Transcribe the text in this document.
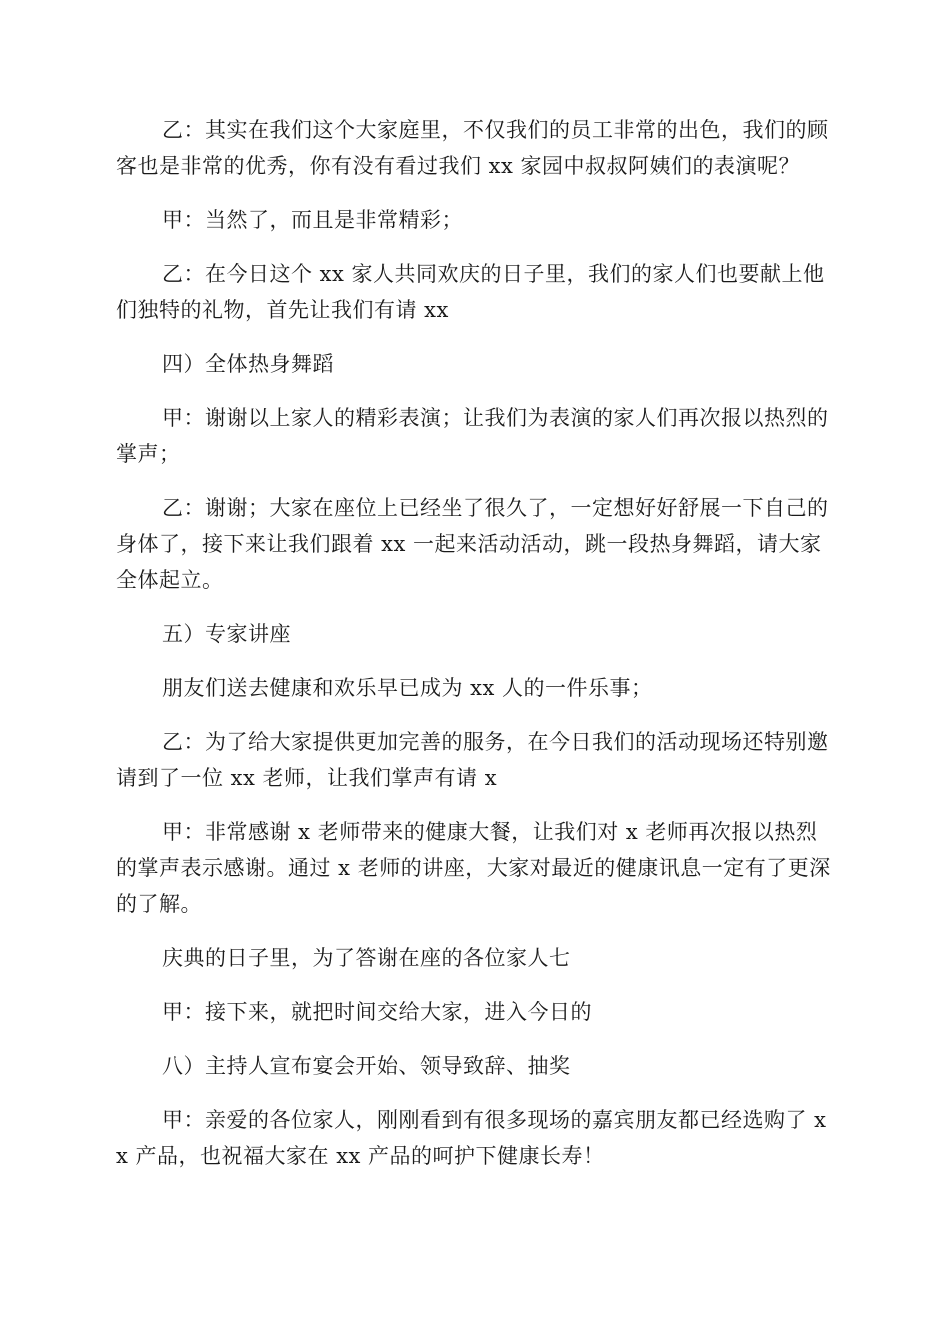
乙：其实在我们这个大家庭里，不仅我们的员工非常的出色，我们的顾客也是非常的优秀，你有没有看过我们 xx 家园中叔叔阿姨们的表演呢？

甲：当然了，而且是非常精彩；

乙：在今日这个 xx 家人共同欢庆的日子里，我们的家人们也要献上他们独特的礼物，首先让我们有请 xx

四）全体热身舞蹈

甲：谢谢以上家人的精彩表演；让我们为表演的家人们再次报以热烈的掌声；

乙：谢谢；大家在座位上已经坐了很久了，一定想好好舒展一下自己的身体了，接下来让我们跟着 xx 一起来活动活动，跳一段热身舞蹈，请大家全体起立。

五）专家讲座

朋友们送去健康和欢乐早已成为 xx 人的一件乐事；

乙：为了给大家提供更加完善的服务，在今日我们的活动现场还特别邀请到了一位 xx 老师，让我们掌声有请 x

甲：非常感谢 x 老师带来的健康大餐，让我们对 x 老师再次报以热烈的掌声表示感谢。通过 x 老师的讲座，大家对最近的健康讯息一定有了更深的了解。

庆典的日子里，为了答谢在座的各位家人七

甲：接下来，就把时间交给大家，进入今日的

八）主持人宣布宴会开始、领导致辞、抽奖

甲：亲爱的各位家人，刚刚看到有很多现场的嘉宾朋友都已经选购了 xx 产品，也祝福大家在 xx 产品的呵护下健康长寿！
